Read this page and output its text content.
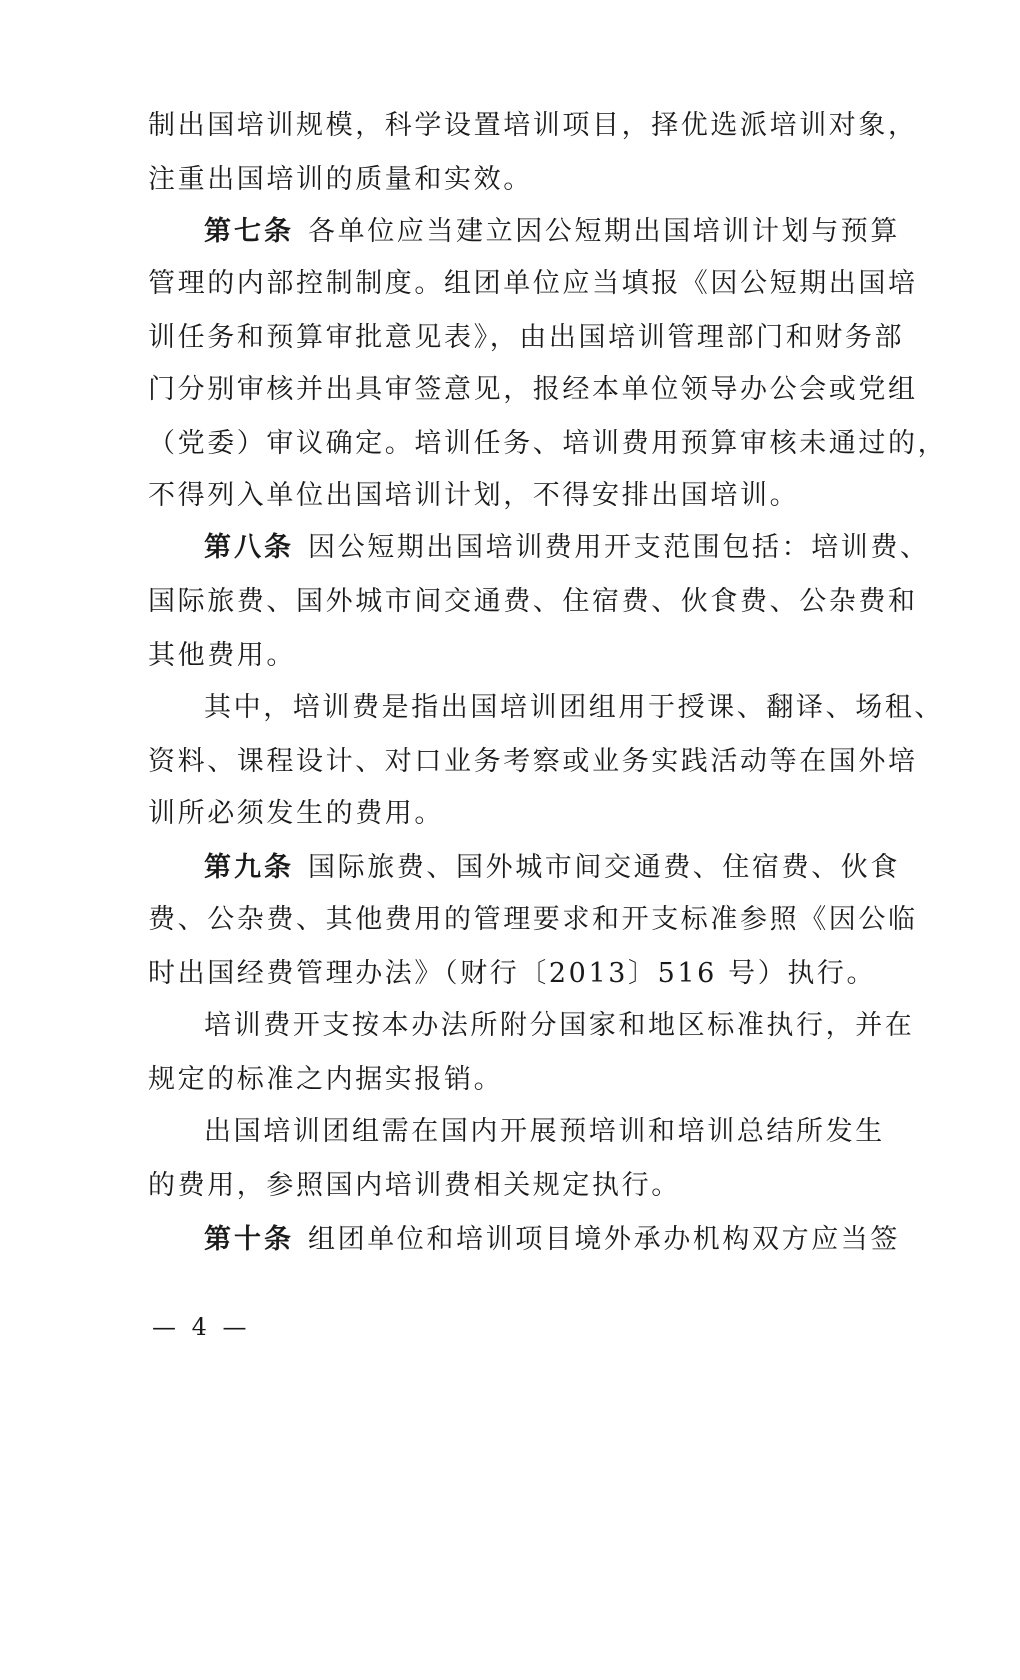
制出国培训规模，科学设置培训项目，择优选派培训对象，
注重出国培训的质量和实效。
第七条 各单位应当建立因公短期出国培训计划与预算
管理的内部控制制度。组团单位应当填报《因公短期出国培
训任务和预算审批意见表》，由出国培训管理部门和财务部
门分别审核并出具审签意见，报经本单位领导办公会或党组
（党委）审议确定。培训任务、培训费用预算审核未通过的，
不得列入单位出国培训计划，不得安排出国培训。
第八条 因公短期出国培训费用开支范围包括：培训费、
国际旅费、国外城市间交通费、住宿费、伙食费、公杂费和
其他费用。
其中，培训费是指出国培训团组用于授课、翻译、场租、
资料、课程设计、对口业务考察或业务实践活动等在国外培
训所必须发生的费用。
第九条 国际旅费、国外城市间交通费、住宿费、伙食
费、公杂费、其他费用的管理要求和开支标准参照《因公临
时出国经费管理办法》（财行〔2013〕516 号）执行。
培训费开支按本办法所附分国家和地区标准执行，并在
规定的标准之内据实报销。
出国培训团组需在国内开展预培训和培训总结所发生
的费用，参照国内培训费相关规定执行。
第十条 组团单位和培训项目境外承办机构双方应当签
— 4 —
